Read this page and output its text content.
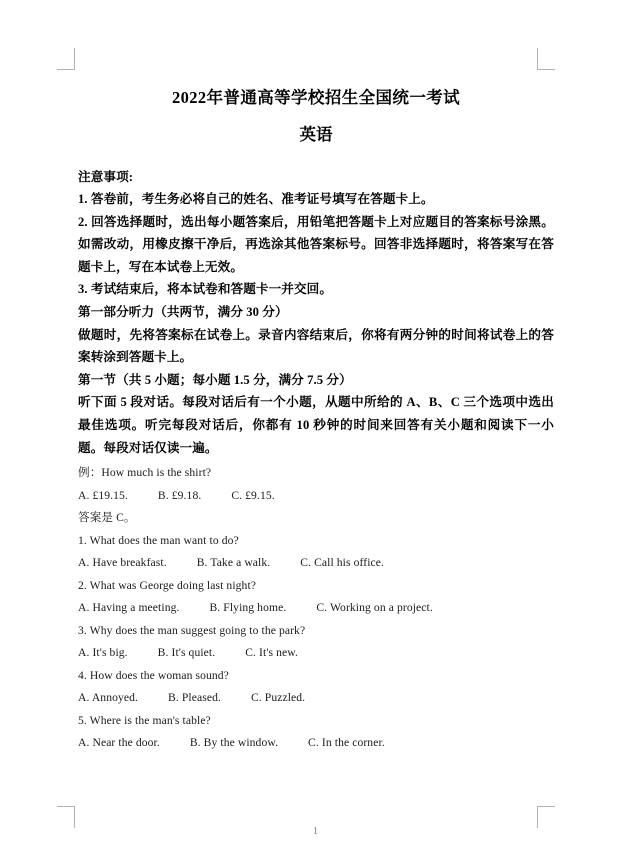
2022年普通高等学校招生全国统一考试
英语
注意事项:
1. 答卷前，考生务必将自己的姓名、准考证号填写在答题卡上。
2. 回答选择题时，选出每小题答案后，用铅笔把答题卡上对应题目的答案标号涂黑。如需改动，用橡皮擦干净后，再选涂其他答案标号。回答非选择题时，将答案写在答题卡上，写在本试卷上无效。
3. 考试结束后，将本试卷和答题卡一并交回。
第一部分听力（共两节，满分 30 分）
做题时，先将答案标在试卷上。录音内容结束后，你将有两分钟的时间将试卷上的答案转涂到答题卡上。
第一节（共 5 小题；每小题 1.5 分，满分 7.5 分）
听下面 5 段对话。每段对话后有一个小题，从题中所给的 A、B、C 三个选项中选出最佳选项。听完每段对话后，你都有 10 秒钟的时间来回答有关小题和阅读下一小题。每段对话仅读一遍。
例：How much is the shirt?
A. £19.15.          B. £9.18.          C. £9.15.
答案是 C。
1. What does the man want to do?
A. Have breakfast.          B. Take a walk.          C. Call his office.
2. What was George doing last night?
A. Having a meeting.          B. Flying home.          C. Working on a project.
3. Why does the man suggest going to the park?
A. It's big.          B. It's quiet.          C. It's new.
4. How does the woman sound?
A. Annoyed.          B. Pleased.          C. Puzzled.
5. Where is the man's table?
A. Near the door.          B. By the window.          C. In the corner.
1
